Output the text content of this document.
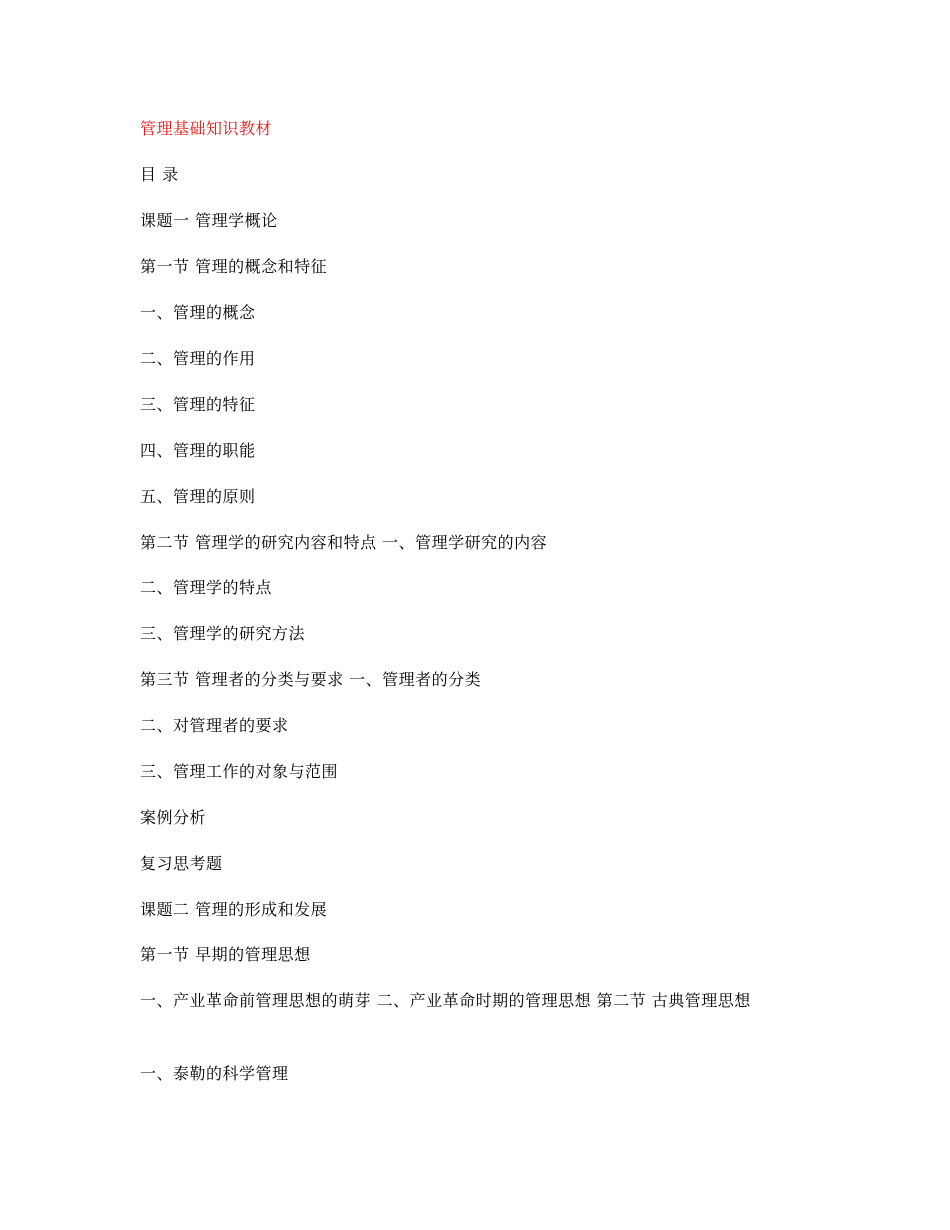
管理基础知识教材
目 录
课题一 管理学概论
第一节 管理的概念和特征
一、管理的概念
二、管理的作用
三、管理的特征
四、管理的职能
五、管理的原则
第二节 管理学的研究内容和特点 一、管理学研究的内容
二、管理学的特点
三、管理学的研究方法
第三节 管理者的分类与要求 一、管理者的分类
二、对管理者的要求
三、管理工作的对象与范围
案例分析
复习思考题
课题二 管理的形成和发展
第一节 早期的管理思想
一、产业革命前管理思想的萌芽 二、产业革命时期的管理思想 第二节 古典管理思想
一、泰勒的科学管理
